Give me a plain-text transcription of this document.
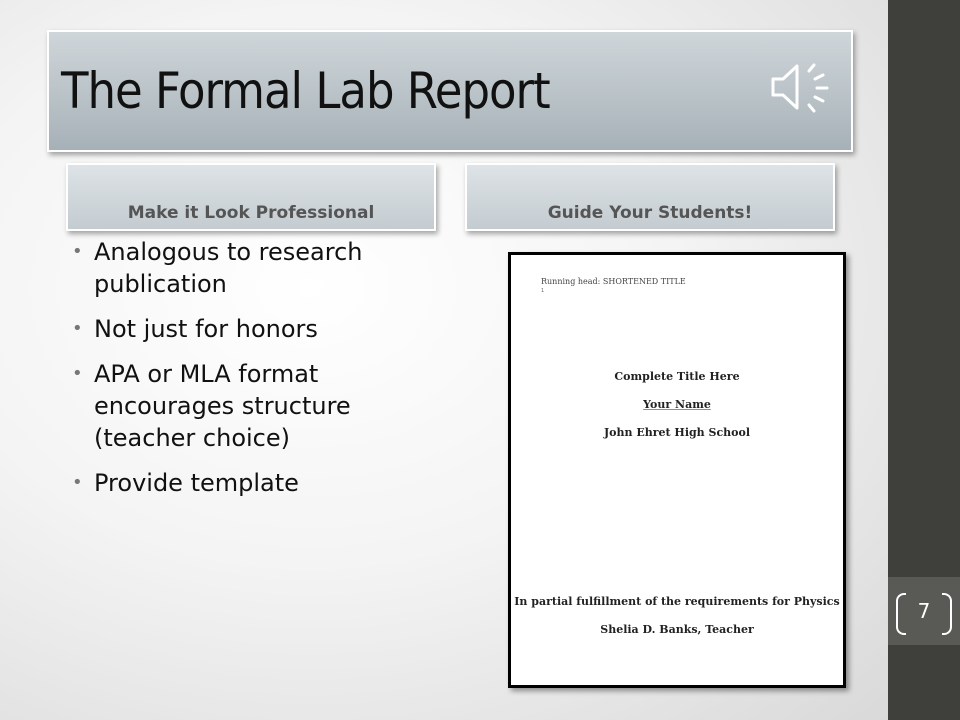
The Formal Lab Report
Make it Look Professional	Guide Your Students!
• Analogous to research publication
• Not just for honors
• APA or MLA format encourages structure (teacher choice)
• Provide template
Running head: SHORTENED TITLE
1
Complete Title Here
Your Name
John Ehret High School
In partial fulfillment of the requirements for Physics
Shelia D. Banks, Teacher
7
